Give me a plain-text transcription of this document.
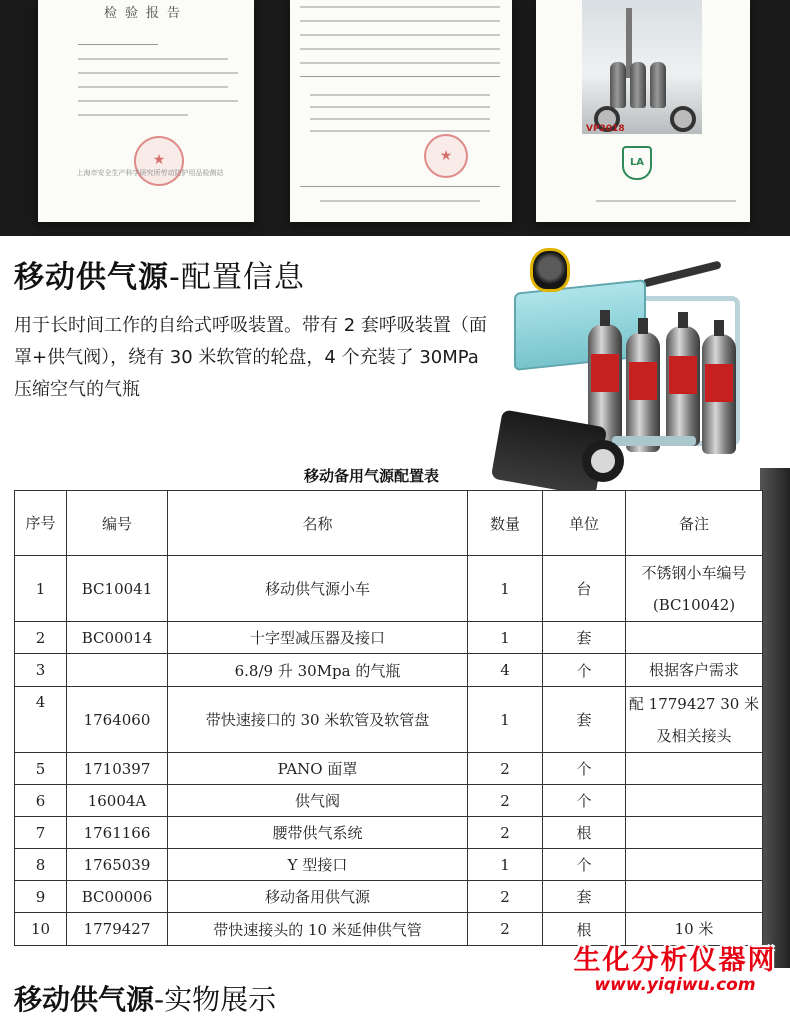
检验报告
★
上海市安全生产科学研究所劳动防护用品检测站
★
VP2018
LA
移动供气源-配置信息

用于长时间工作的自给式呼吸装置。带有 2 套呼吸装置（面罩+供气阀），绕有 30 米软管的轮盘，4 个充装了 30MPa 压缩空气的气瓶

移动备用气源配置表
序号	编号	名称	数量	单位	备注
1	BC10041	移动供气源小车	1	台	不锈钢小车编号(BC10042)
2	BC00014	十字型减压器及接口	1	套	
3		6.8/9 升 30Mpa 的气瓶	4	个	根据客户需求
4	1764060	带快速接口的 30 米软管及软管盘	1	套	配 1779427 30 米及相关接头
5	1710397	PANO 面罩	2	个	
6	16004A	供气阀	2	个	
7	1761166	腰带供气系统	2	根	
8	1765039	Y 型接口	1	个	
9	BC00006	移动备用供气源	2	套	
10	1779427	带快速接头的 10 米延伸供气管	2	根	10 米
移动供气源-实物展示
生化分析仪器网
www.yiqiwu.com
